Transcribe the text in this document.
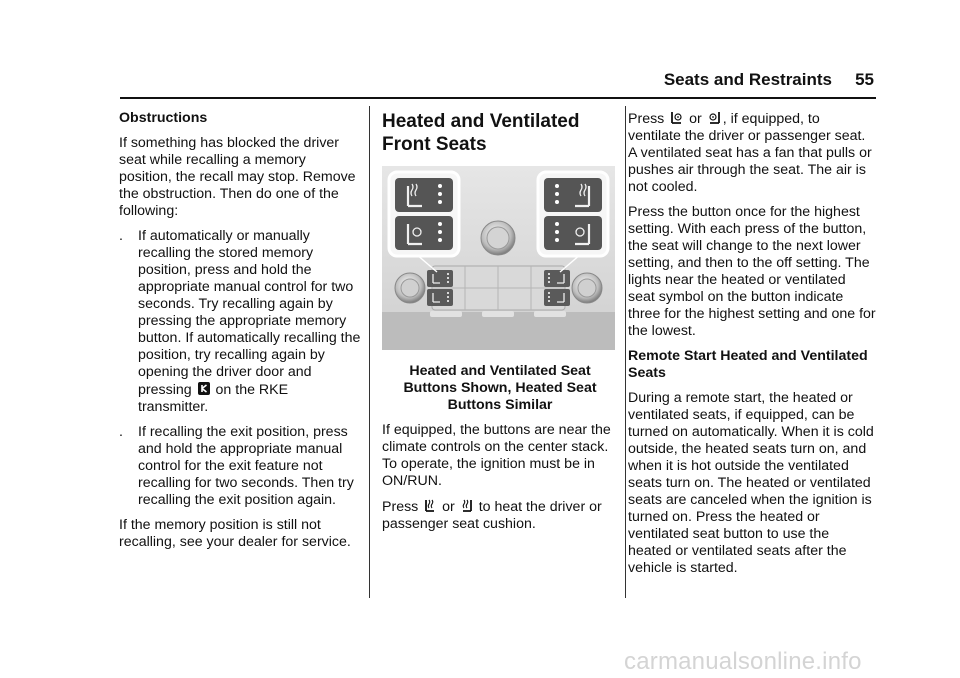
Seats and Restraints	55
Obstructions

If something has blocked the driver seat while recalling a memory position, the recall may stop. Remove the obstruction. Then do one of the following:

.	If automatically or manually recalling the stored memory position, press and hold the appropriate manual control for two seconds. Try recalling again by pressing the appropriate memory button. If automatically recalling the position, try recalling again by opening the driver door and pressing on the RKE transmitter.
.	If recalling the exit position, press and hold the appropriate manual control for the exit feature not recalling for two seconds. Then try recalling the exit position again.

If the memory position is still not recalling, see your dealer for service.

Heated and Ventilated Front Seats
Heated and Ventilated Seat Buttons Shown, Heated Seat Buttons Similar

If equipped, the buttons are near the climate controls on the center stack. To operate, the ignition must be in ON/RUN.

Press or to heat the driver or passenger seat cushion.

Press or , if equipped, to ventilate the driver or passenger seat. A ventilated seat has a fan that pulls or pushes air through the seat. The air is not cooled.

Press the button once for the highest setting. With each press of the button, the seat will change to the next lower setting, and then to the off setting. The lights near the heated or ventilated seat symbol on the button indicate three for the highest setting and one for the lowest.

Remote Start Heated and Ventilated Seats

During a remote start, the heated or ventilated seats, if equipped, can be turned on automatically. When it is cold outside, the heated seats turn on, and when it is hot outside the ventilated seats turn on. The heated or ventilated seats are canceled when the ignition is turned on. Press the heated or ventilated seat button to use the heated or ventilated seats after the vehicle is started.

carmanualsonline.info
